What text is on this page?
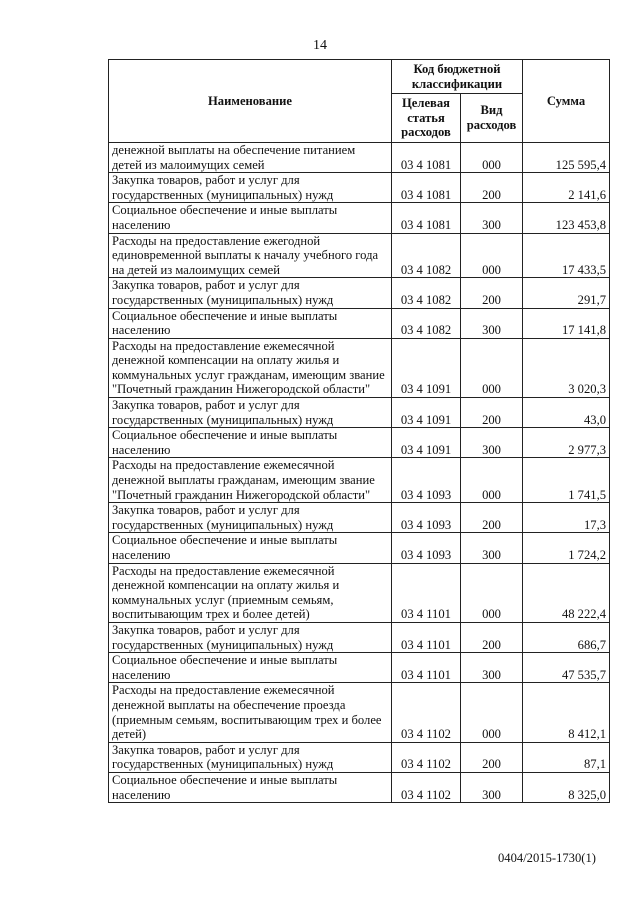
14
Наименование	Код бюджетной классификации		Сумма
	Целевая статья расходов	Вид расходов	
денежной выплаты на обеспечение питанием детей из малоимущих семей	03 4 1081	000	125 595,4
Закупка товаров, работ и услуг для государственных (муниципальных) нужд	03 4 1081	200	2 141,6
Социальное обеспечение и иные выплаты населению	03 4 1081	300	123 453,8
Расходы на предоставление ежегодной единовременной выплаты к началу учебного года на детей из малоимущих семей	03 4 1082	000	17 433,5
Закупка товаров, работ и услуг для государственных (муниципальных) нужд	03 4 1082	200	291,7
Социальное обеспечение и иные выплаты населению	03 4 1082	300	17 141,8
Расходы на предоставление ежемесячной денежной компенсации на оплату жилья и коммунальных услуг гражданам, имеющим звание "Почетный гражданин Нижегородской области"	03 4 1091	000	3 020,3
Закупка товаров, работ и услуг для государственных (муниципальных) нужд	03 4 1091	200	43,0
Социальное обеспечение и иные выплаты населению	03 4 1091	300	2 977,3
Расходы на предоставление ежемесячной денежной выплаты гражданам, имеющим звание "Почетный гражданин Нижегородской области"	03 4 1093	000	1 741,5
Закупка товаров, работ и услуг для государственных (муниципальных) нужд	03 4 1093	200	17,3
Социальное обеспечение и иные выплаты населению	03 4 1093	300	1 724,2
Расходы на предоставление ежемесячной денежной компенсации на оплату жилья и коммунальных услуг (приемным семьям, воспитывающим трех и более детей)	03 4 1101	000	48 222,4
Закупка товаров, работ и услуг для государственных (муниципальных) нужд	03 4 1101	200	686,7
Социальное обеспечение и иные выплаты населению	03 4 1101	300	47 535,7
Расходы на предоставление ежемесячной денежной выплаты на обеспечение проезда (приемным семьям, воспитывающим трех и более детей)	03 4 1102	000	8 412,1
Закупка товаров, работ и услуг для государственных (муниципальных) нужд	03 4 1102	200	87,1
Социальное обеспечение и иные выплаты населению	03 4 1102	300	8 325,0
0404/2015-1730(1)
